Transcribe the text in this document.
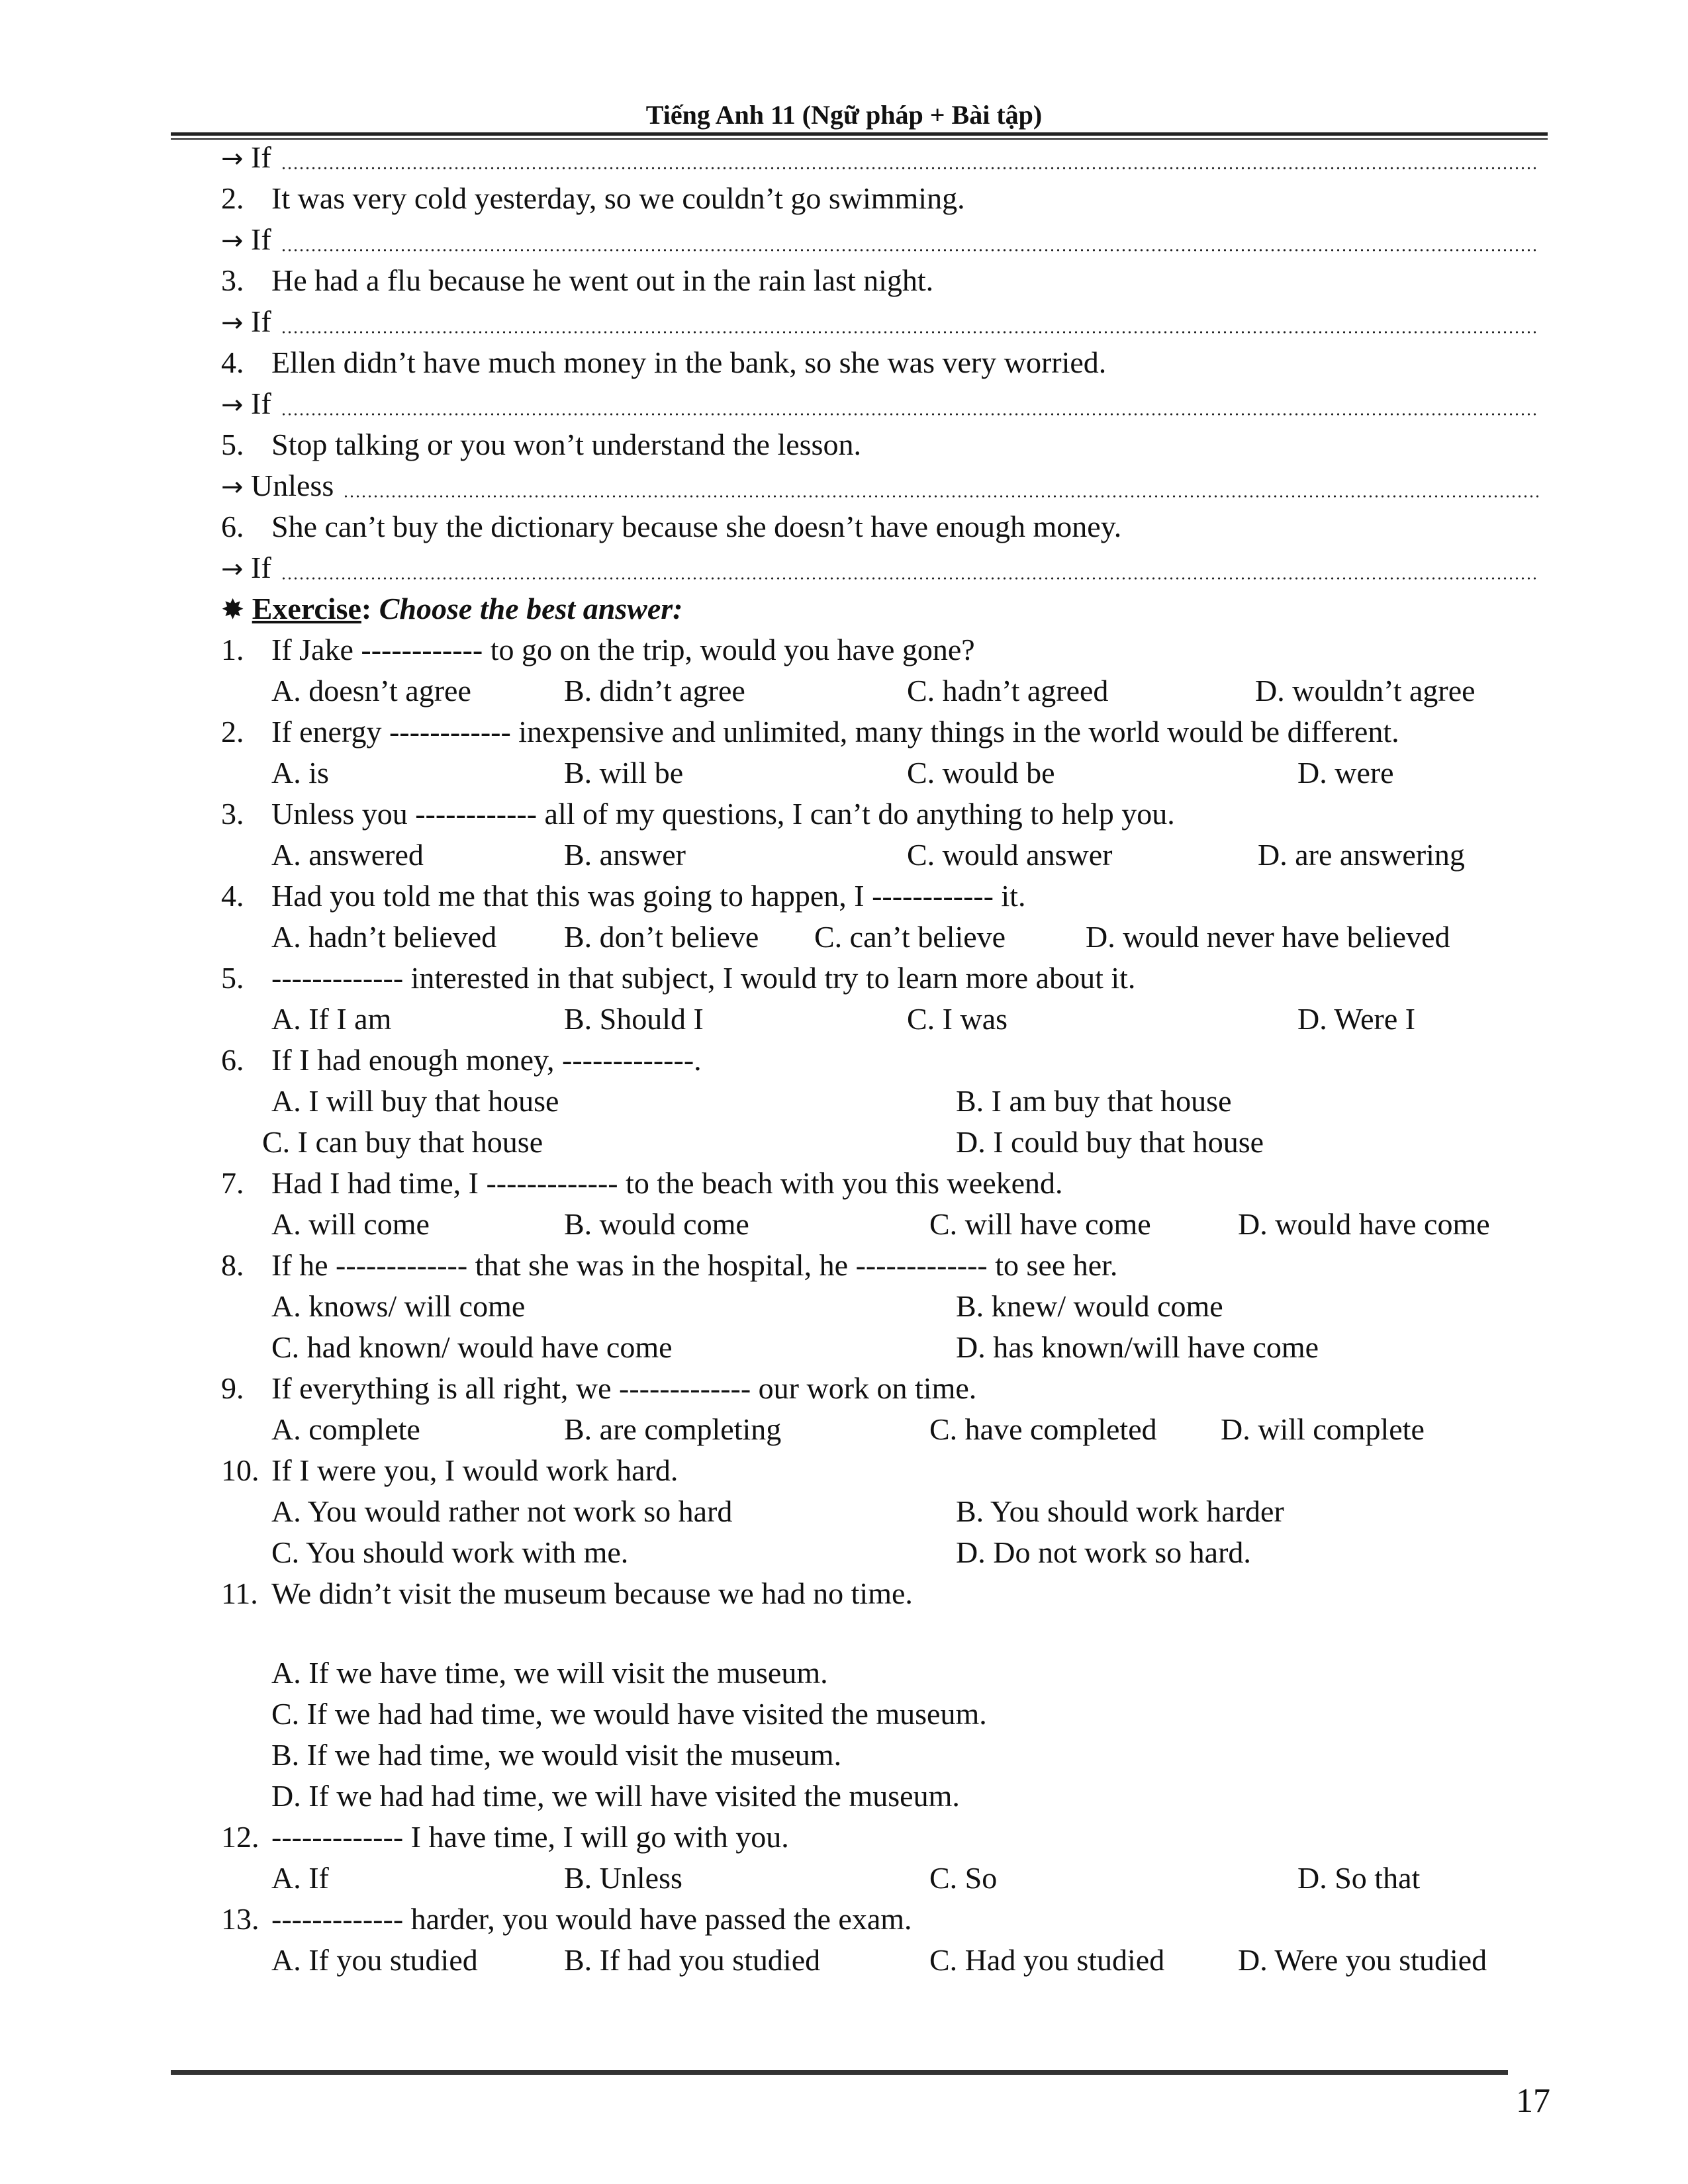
Tiếng Anh 11 (Ngữ pháp + Bài tập)
→ If
2. It was very cold yesterday, so we couldn’t go swimming.
→ If
3. He had a flu because he went out in the rain last night.
→ If
4. Ellen didn’t have much money in the bank, so she was very worried.
→ If
5. Stop talking or you won’t understand the lesson.
→ Unless
6. She can’t buy the dictionary because she doesn’t have enough money.
→ If
✸ Exercise: Choose the best answer:
1. If Jake ------------ to go on the trip, would you have gone?
A. doesn’t agree	B. didn’t agree	C. hadn’t agreed	D. wouldn’t agree
2. If energy ------------ inexpensive and unlimited, many things in the world would be different.
A. is	B. will be	C. would be	D. were
3. Unless you ------------ all of my questions, I can’t do anything to help you.
A. answered	B. answer	C. would answer	D. are answering
4. Had you told me that this was going to happen, I ------------ it.
A. hadn’t believed B. don’t believe C. can’t believe	D. would never have believed
5. ------------- interested in that subject, I would try to learn more about it.
A. If I am	B. Should I	C. I was	D. Were I
6. If I had enough money, -------------.
A. I will buy that house	B. I am buy that house
C. I can buy that house	D. I could buy that house
7. Had I had time, I ------------- to the beach with you this weekend.
A. will come	B. would come	C. will have come	D. would have come
8. If he ------------- that she was in the hospital, he ------------- to see her.
A. knows/ will come	B. knew/ would come
C. had known/ would have come	D. has known/will have come
9. If everything is all right, we ------------- our work on time.
A. complete	B. are completing	C. have completed D. will complete
10. If I were you, I would work hard.
A. You would rather not work so hard	B. You should work harder
C. You should work with me.	D. Do not work so hard.
11. We didn’t visit the museum because we had no time.
A. If we have time, we will visit the museum.
C. If we had had time, we would have visited the museum.
B. If we had time, we would visit the museum.
D. If we had had time, we will have visited the museum.
12. ------------- I have time, I will go with you.
A. If	B. Unless	C. So	D. So that
13. ------------- harder, you would have passed the exam.
A. If you studied	B. If had you studied	C. Had you studied D. Were you studied
17
